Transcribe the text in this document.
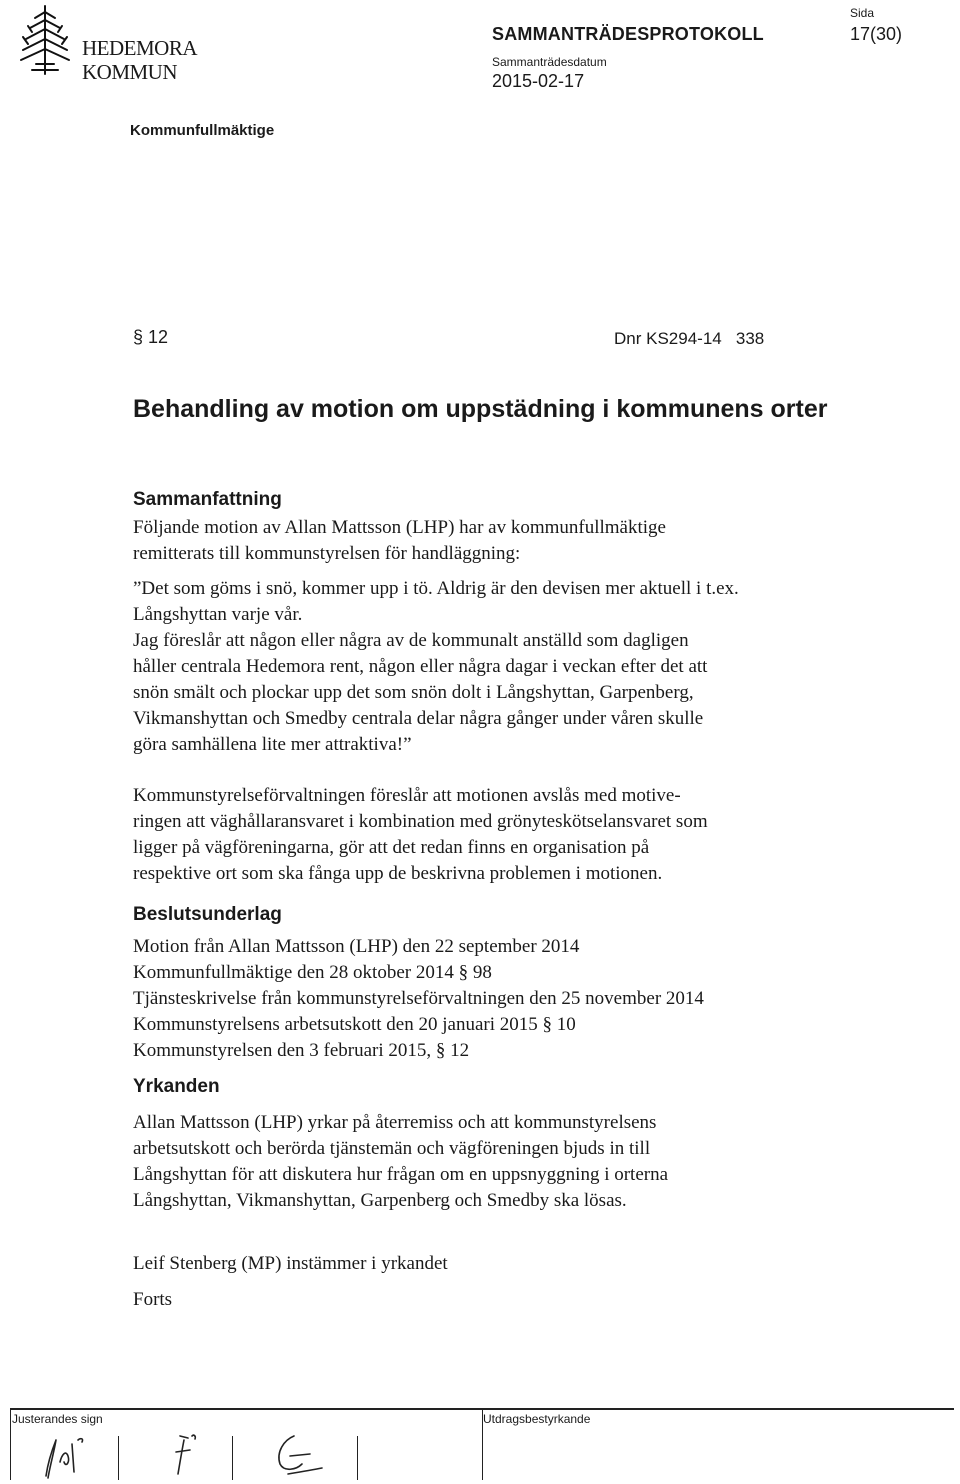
HEDEMORA
KOMMUN
SAMMANTRÄDESPROTOKOLL
Sammanträdesdatum
2015-02-17
Sida
17(30)
Kommunfullmäktige
§ 12	Dnr KS294-14   338
Behandling av motion om uppstädning i kommunens orter
Sammanfattning
Följande motion av Allan Mattsson (LHP) har av kommunfullmäktige
remitterats till kommunstyrelsen för handläggning:
”Det som göms i snö, kommer upp i tö. Aldrig är den devisen mer aktuell i t.ex. Långshyttan varje vår.
Jag föreslår att någon eller några av de kommunalt anställd som dagligen
håller centrala Hedemora rent, någon eller några dagar i veckan efter det att
snön smält och plockar upp det som snön dolt i Långshyttan, Garpenberg,
Vikmanshyttan och Smedby centrala delar några gånger under våren skulle
göra samhällena lite mer attraktiva!”
Kommunstyrelseförvaltningen föreslår att motionen avslås med motive-
ringen att väghållaransvaret i kombination med grönyteskötselansvaret som
ligger på vägföreningarna, gör att det redan finns en organisation på
respektive ort som ska fånga upp de beskrivna problemen i motionen.
Beslutsunderlag
Motion från Allan Mattsson (LHP) den 22 september 2014
Kommunfullmäktige den 28 oktober 2014 § 98
Tjänsteskrivelse från kommunstyrelseförvaltningen den 25 november 2014
Kommunstyrelsens arbetsutskott den 20 januari 2015 § 10
Kommunstyrelsen den 3 februari 2015, § 12
Yrkanden
Allan Mattsson (LHP) yrkar på återremiss och att kommunstyrelsens
arbetsutskott och berörda tjänstemän och vägföreningen bjuds in till
Långshyttan för att diskutera hur frågan om en uppsnyggning i orterna
Långshyttan, Vikmanshyttan, Garpenberg och Smedby ska lösas.
Leif Stenberg (MP) instämmer i yrkandet
Forts
Justerandes sign	Utdragsbestyrkande
